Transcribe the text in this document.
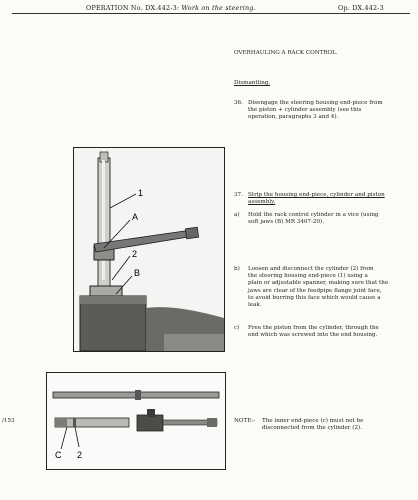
OPERATION No. DX.442-3: Work on the steering.	Op. DX.442-3
OVERHAULING A RACK CONTROL.
Dismantling.
36. Disengage the steering housing end-piece from
the piston + cylinder assembly (see this
operation, paragraphs 3 and 4).
37. Strip the housing end-piece, cylinder and piston
assembly.
a) Hold the rack control cylinder in a vice (using
soft jaws (B) MR 3407-20).
b) Loosen and disconnect the cylinder (2) from
the steering housing end-piece (1) using a
plain or adjustable spanner, making sure that the
jaws are clear of the feedpipe flange joint face,
to avoid burring this face which would cause a
leak.
c) Free the piston from the cylinder, through the
end which was screwed into the end housing.
NOTE:- The inner end-piece (c) must not be
disconnected from the cylinder (2).
/153
1
A
2
B
C 2
